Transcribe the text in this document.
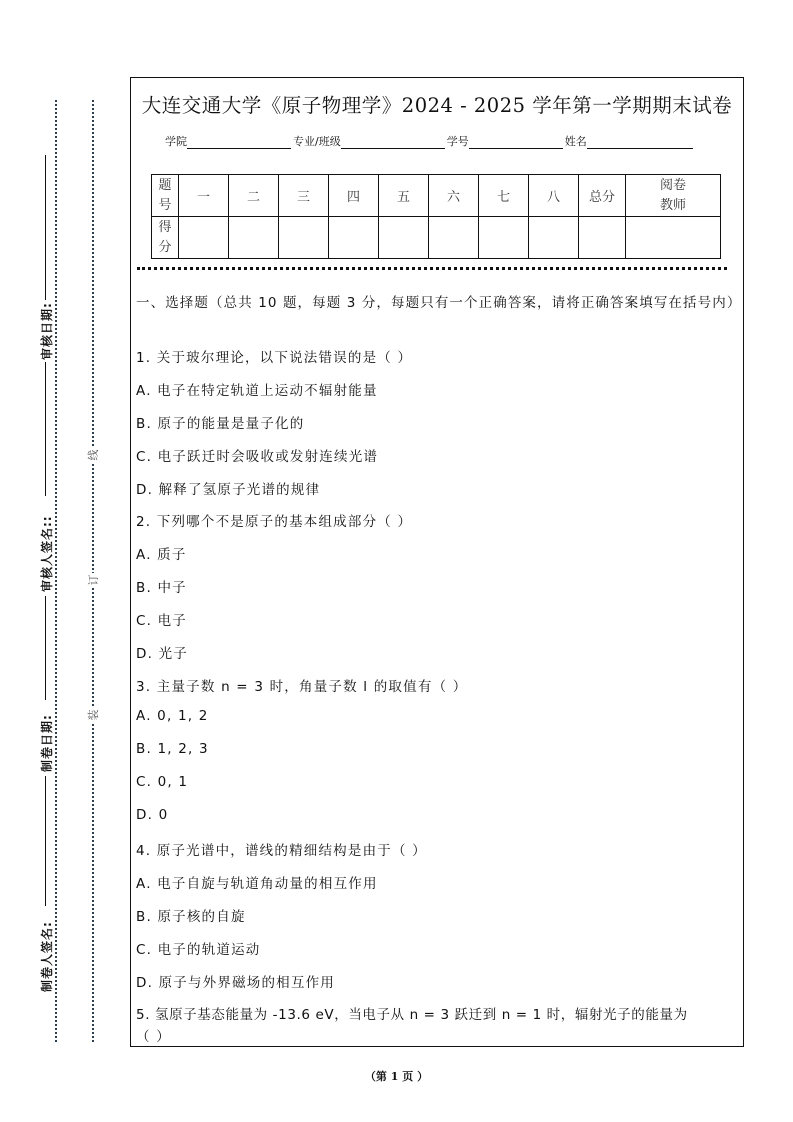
审核日期:
审核人签名::
制卷日期:
制卷人签名:
线
订
装
大连交通大学《原子物理学》2024 - 2025 学年第一学期期末试卷
学院	专业/班级	学号	姓名
题号	一	二	三	四	五	六	七	八	总分	阅卷
教师

得分										
一、选择题（总共 10 题，每题 3 分，每题只有一个正确答案，请将正确答案填写在括号内）
1. 关于玻尔理论，以下说法错误的是（ ）
A. 电子在特定轨道上运动不辐射能量
B. 原子的能量是量子化的
C. 电子跃迁时会吸收或发射连续光谱
D. 解释了氢原子光谱的规律
2. 下列哪个不是原子的基本组成部分（ ）
A. 质子
B. 中子
C. 电子
D. 光子
3. 主量子数 n = 3 时，角量子数 l 的取值有（ ）
A. 0, 1, 2
B. 1, 2, 3
C. 0, 1
D. 0
4. 原子光谱中，谱线的精细结构是由于（ ）
A. 电子自旋与轨道角动量的相互作用
B. 原子核的自旋
C. 电子的轨道运动
D. 原子与外界磁场的相互作用
5. 氢原子基态能量为 -13.6 eV，当电子从 n = 3 跃迁到 n = 1 时，辐射光子的能量为
（ ）
（第 1 页 ）
